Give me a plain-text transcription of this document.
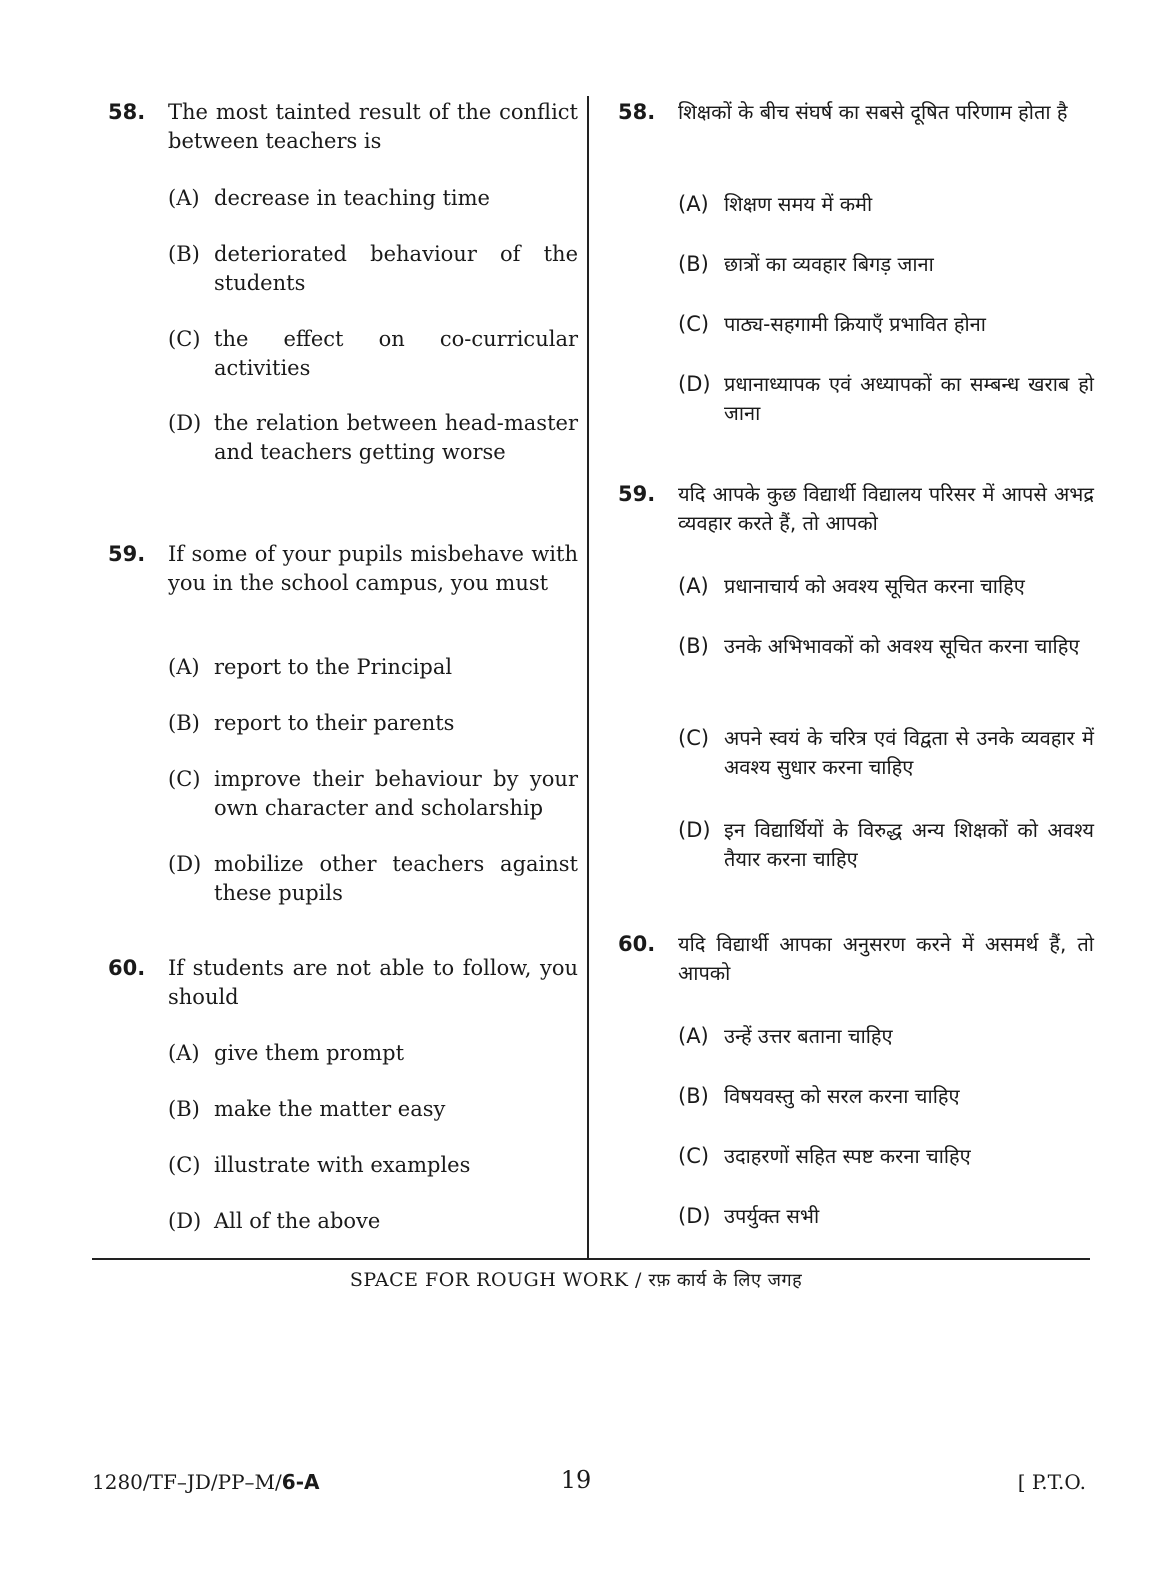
58. The most tainted result of the conflict between teachers is
(A) decrease in teaching time
(B) deteriorated behaviour of the students
(C) the effect on co-curricular activities
(D) the relation between head-master and teachers getting worse
59. If some of your pupils misbehave with you in the school campus, you must
(A) report to the Principal
(B) report to their parents
(C) improve their behaviour by your own character and scholarship
(D) mobilize other teachers against these pupils
60. If students are not able to follow, you should
(A) give them prompt
(B) make the matter easy
(C) illustrate with examples
(D) All of the above
58. शिक्षकों के बीच संघर्ष का सबसे दूषित परिणाम होता है
(A) शिक्षण समय में कमी
(B) छात्रों का व्यवहार बिगड़ जाना
(C) पाठ्य-सहगामी क्रियाएँ प्रभावित होना
(D) प्रधानाध्यापक एवं अध्यापकों का सम्बन्ध खराब हो जाना
59. यदि आपके कुछ विद्यार्थी विद्यालय परिसर में आपसे अभद्र व्यवहार करते हैं, तो आपको
(A) प्रधानाचार्य को अवश्य सूचित करना चाहिए
(B) उनके अभिभावकों को अवश्य सूचित करना चाहिए
(C) अपने स्वयं के चरित्र एवं विद्वता से उनके व्यवहार में अवश्य सुधार करना चाहिए
(D) इन विद्यार्थियों के विरुद्ध अन्य शिक्षकों को अवश्य तैयार करना चाहिए
60. यदि विद्यार्थी आपका अनुसरण करने में असमर्थ हैं, तो आपको
(A) उन्हें उत्तर बताना चाहिए
(B) विषयवस्तु को सरल करना चाहिए
(C) उदाहरणों सहित स्पष्ट करना चाहिए
(D) उपर्युक्त सभी
SPACE FOR ROUGH WORK / रफ़ कार्य के लिए जगह
1280/TF–JD/PP–M/6-A	19	[ P.T.O.
